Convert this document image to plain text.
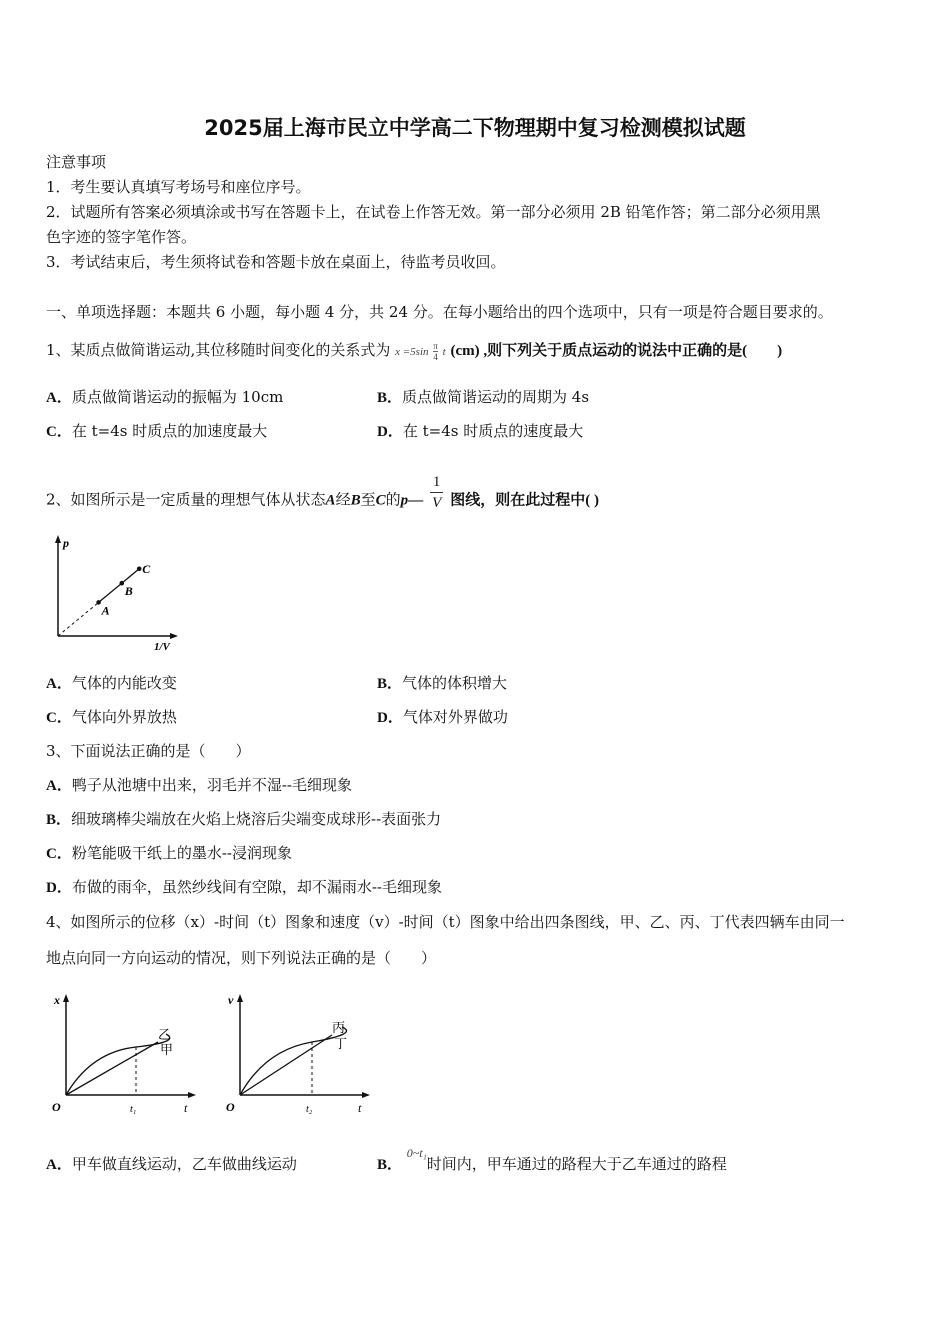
2025届上海市民立中学高二下物理期中复习检测模拟试题
注意事项
1．考生要认真填写考场号和座位序号。
2．试题所有答案必须填涂或书写在答题卡上，在试卷上作答无效。第一部分必须用 2B 铅笔作答；第二部分必须用黑
色字迹的签字笔作答。
3．考试结束后，考生须将试卷和答题卡放在桌面上，待监考员收回。
一、单项选择题：本题共 6 小题，每小题 4 分，共 24 分。在每小题给出的四个选项中，只有一项是符合题目要求的。
1、某质点做简谐运动,其位移随时间变化的关系式为 $x =5\sin \frac{\pi}{4}$ t (cm) ,则下列关于质点运动的说法中正确的是(　　)
A．质点做简谐运动的振幅为 10cm	B．质点做简谐运动的周期为 4s
C．在 t=4s 时质点的加速度最大	D．在 t=4s 时质点的速度最大
2、如图所示是一定质量的理想气体从状态A经B至C的p— $\frac{1}{V}$ 图线，则在此过程中( )
p
1/V
A
B
C
A．气体的内能改变	B．气体的体积增大
C．气体向外界放热	D．气体对外界做功
3、下面说法正确的是（　　）
A．鸭子从池塘中出来，羽毛并不湿--毛细现象
B．细玻璃棒尖端放在火焰上烧溶后尖端变成球形--表面张力
C．粉笔能吸干纸上的墨水--浸润现象
D．布做的雨伞，虽然纱线间有空隙，却不漏雨水--毛细现象
4、如图所示的位移（x）-时间（t）图象和速度（v）-时间（t）图象中给出四条图线，甲、乙、丙、丁代表四辆车由同一
地点向同一方向运动的情况，则下列说法正确的是（　　）
x
t
O	t₁
乙
甲
v
t
O	t₂
丙
丁
A．甲车做直线运动，乙车做曲线运动	B． $^{0\sim t_1}$时间内，甲车通过的路程大于乙车通过的路程
